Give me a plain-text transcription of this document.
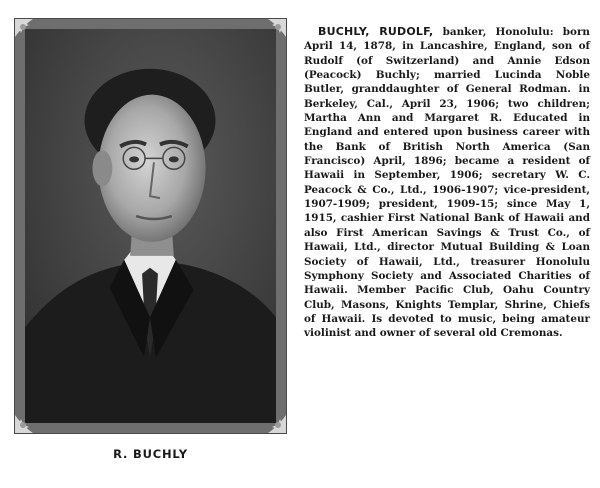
R. BUCHLY

BUCHLY, RUDOLF, banker, Honolulu: born April 14, 1878, in Lancashire, England, son of Rudolf (of Switzerland) and Annie Edson (Peacock) Buchly; married Lucinda Noble Butler, granddaughter of General Rodman. in Berkeley, Cal., April 23, 1906; two children; Martha Ann and Margaret R. Educated in England and entered upon business career with the Bank of British North America (San Francisco) April, 1896; became a resident of Hawaii in September, 1906; secretary W. C. Peacock & Co., Ltd., 1906-1907; vice-president, 1907-1909; president, 1909-15; since May 1, 1915, cashier First National Bank of Hawaii and also First American Savings & Trust Co., of Hawaii, Ltd., director Mutual Building & Loan Society of Hawaii, Ltd., treasurer Honolulu Symphony Society and Associated Charities of Hawaii. Member Pacific Club, Oahu Country Club, Masons, Knights Templar, Shrine, Chiefs of Hawaii. Is devoted to music, being amateur violinist and owner of several old Cremonas.
